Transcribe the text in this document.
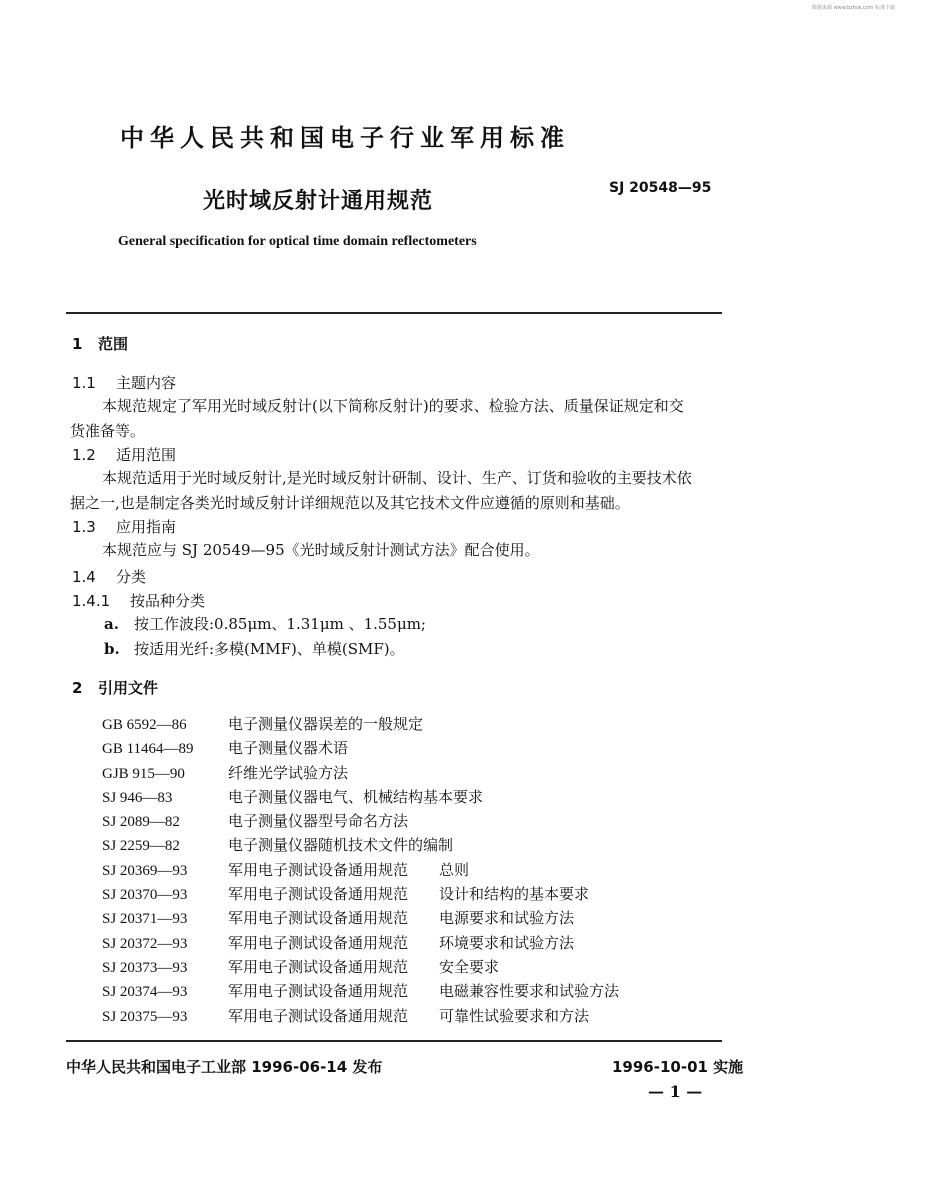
数据来源 www.bzfxw.com 标准下载
中华人民共和国电子行业军用标准
光时域反射计通用规范
SJ 20548—95
General specification for optical time domain reflectometers
1 范围
1.1 主题内容
本规范规定了军用光时域反射计(以下简称反射计)的要求、检验方法、质量保证规定和交
货准备等。
1.2 适用范围
本规范适用于光时域反射计,是光时域反射计研制、设计、生产、订货和验收的主要技术依
据之一,也是制定各类光时域反射计详细规范以及其它技术文件应遵循的原则和基础。
1.3 应用指南
本规范应与 SJ 20549—95《光时域反射计测试方法》配合使用。
1.4 分类
1.4.1 按品种分类
a. 按工作波段:0.85μm、1.31μm 、1.55μm;
b. 按适用光纤:多模(MMF)、单模(SMF)。
2 引用文件
GB 6592—86	电子测量仪器误差的一般规定
GB 11464—89 电子测量仪器术语
GJB 915—90	纤维光学试验方法
SJ 946—83	电子测量仪器电气、机械结构基本要求
SJ 2089—82	电子测量仪器型号命名方法
SJ 2259—82	电子测量仪器随机技术文件的编制
SJ 20369—93	军用电子测试设备通用规范 总则
SJ 20370—93	军用电子测试设备通用规范 设计和结构的基本要求
SJ 20371—93	军用电子测试设备通用规范 电源要求和试验方法
SJ 20372—93	军用电子测试设备通用规范 环境要求和试验方法
SJ 20373—93	军用电子测试设备通用规范 安全要求
SJ 20374—93	军用电子测试设备通用规范 电磁兼容性要求和试验方法
SJ 20375—93	军用电子测试设备通用规范 可靠性试验要求和方法
中华人民共和国电子工业部 1996-06-14 发布	1996-10-01 实施
— 1 —
